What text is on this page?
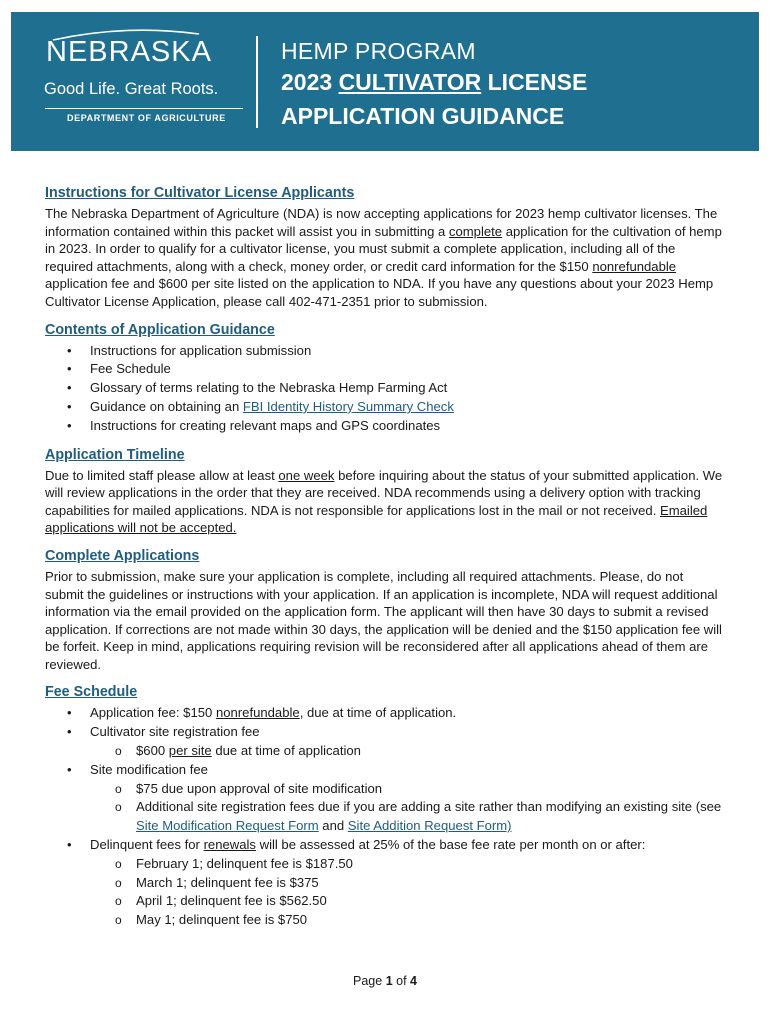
NEBRASKA
Good Life. Great Roots.
DEPARTMENT OF AGRICULTURE
HEMP PROGRAM
2023 CULTIVATOR LICENSE
APPLICATION GUIDANCE
Instructions for Cultivator License Applicants

The Nebraska Department of Agriculture (NDA) is now accepting applications for 2023 hemp cultivator licenses. The information contained within this packet will assist you in submitting a complete application for the cultivation of hemp in 2023. In order to qualify for a cultivator license, you must submit a complete application, including all of the required attachments, along with a check, money order, or credit card information for the $150 nonrefundable application fee and $600 per site listed on the application to NDA. If you have any questions about your 2023 Hemp Cultivator License Application, please call 402-471-2351 prior to submission.

Contents of Application Guidance
• Instructions for application submission
• Fee Schedule
• Glossary of terms relating to the Nebraska Hemp Farming Act
• Guidance on obtaining an FBI Identity History Summary Check
• Instructions for creating relevant maps and GPS coordinates
Application Timeline

Due to limited staff please allow at least one week before inquiring about the status of your submitted application. We will review applications in the order that they are received. NDA recommends using a delivery option with tracking capabilities for mailed applications. NDA is not responsible for applications lost in the mail or not received. Emailed applications will not be accepted.

Complete Applications

Prior to submission, make sure your application is complete, including all required attachments. Please, do not submit the guidelines or instructions with your application. If an application is incomplete, NDA will request additional information via the email provided on the application form. The applicant will then have 30 days to submit a revised application. If corrections are not made within 30 days, the application will be denied and the $150 application fee will be forfeit. Keep in mind, applications requiring revision will be reconsidered after all applications ahead of them are reviewed.

Fee Schedule
• Application fee: $150 nonrefundable, due at time of application.
• Cultivator site registration fee
o $600 per site due at time of application
• Site modification fee
o $75 due upon approval of site modification
o Additional site registration fees due if you are adding a site rather than modifying an existing site (see Site Modification Request Form and Site Addition Request Form)
• Delinquent fees for renewals will be assessed at 25% of the base fee rate per month on or after:
o February 1; delinquent fee is $187.50
o March 1; delinquent fee is $375
o April 1; delinquent fee is $562.50
o May 1; delinquent fee is $750
Page 1 of 4
